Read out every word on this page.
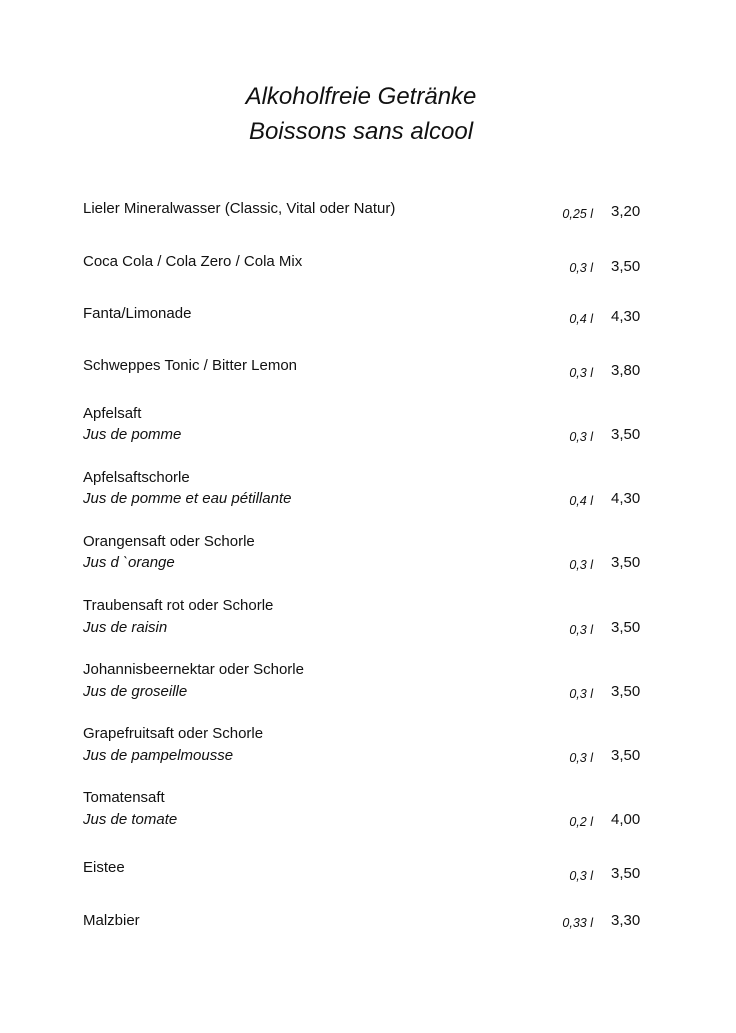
Alkoholfreie Getränke
Boissons sans alcool
Lieler Mineralwasser (Classic, Vital oder Natur)	0,25 l 3,20
Coca Cola / Cola Zero / Cola Mix	0,3 l 3,50
Fanta/Limonade	0,4 l 4,30
Schweppes Tonic / Bitter Lemon	0,3 l 3,80
Apfelsaft
Jus de pomme	0,3 l 3,50
Apfelsaftschorle
Jus de pomme et eau pétillante	0,4 l 4,30
Orangensaft oder Schorle
Jus d `orange	0,3 l 3,50
Traubensaft rot oder Schorle
Jus de raisin	0,3 l 3,50
Johannisbeernektar oder Schorle
Jus de groseille	0,3 l 3,50
Grapefruitsaft oder Schorle
Jus de pampelmousse	0,3 l 3,50
Tomatensaft
Jus de tomate	0,2 l 4,00
Eistee	0,3 l 3,50
Malzbier	0,33 l 3,30
